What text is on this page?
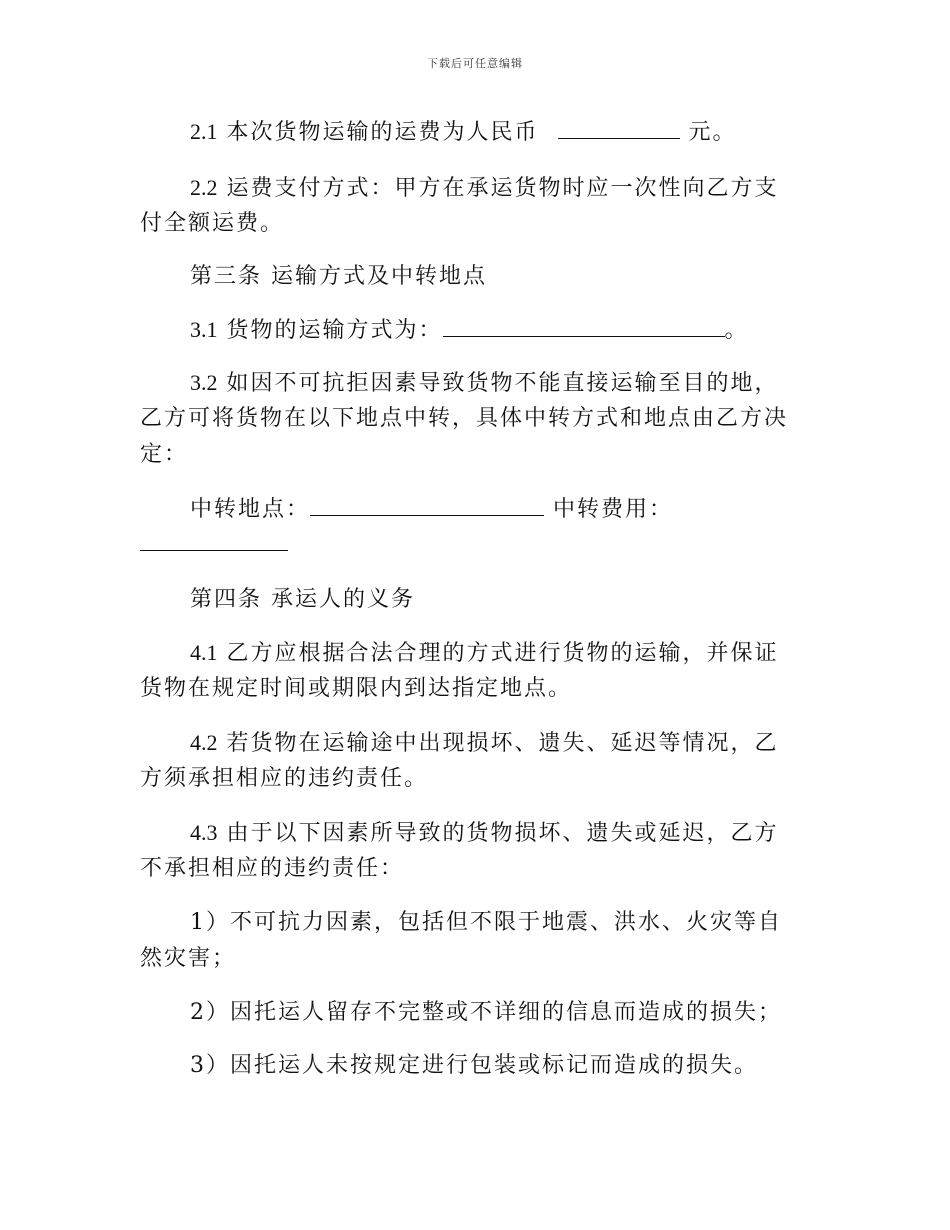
下载后可任意编辑
2.1 本次货物运输的运费为人民币	元。
2.2 运费支付方式：甲方在承运货物时应一次性向乙方支
付全额运费。
第三条 运输方式及中转地点
3.1 货物的运输方式为：	。
3.2 如因不可抗拒因素导致货物不能直接运输至目的地，
乙方可将货物在以下地点中转，具体中转方式和地点由乙方决
定：
中转地点：	中转费用：
第四条 承运人的义务
4.1 乙方应根据合法合理的方式进行货物的运输，并保证
货物在规定时间或期限内到达指定地点。
4.2 若货物在运输途中出现损坏、遗失、延迟等情况，乙
方须承担相应的违约责任。
4.3 由于以下因素所导致的货物损坏、遗失或延迟，乙方
不承担相应的违约责任：
1）不可抗力因素，包括但不限于地震、洪水、火灾等自
然灾害；
2）因托运人留存不完整或不详细的信息而造成的损失；
3）因托运人未按规定进行包装或标记而造成的损失。
